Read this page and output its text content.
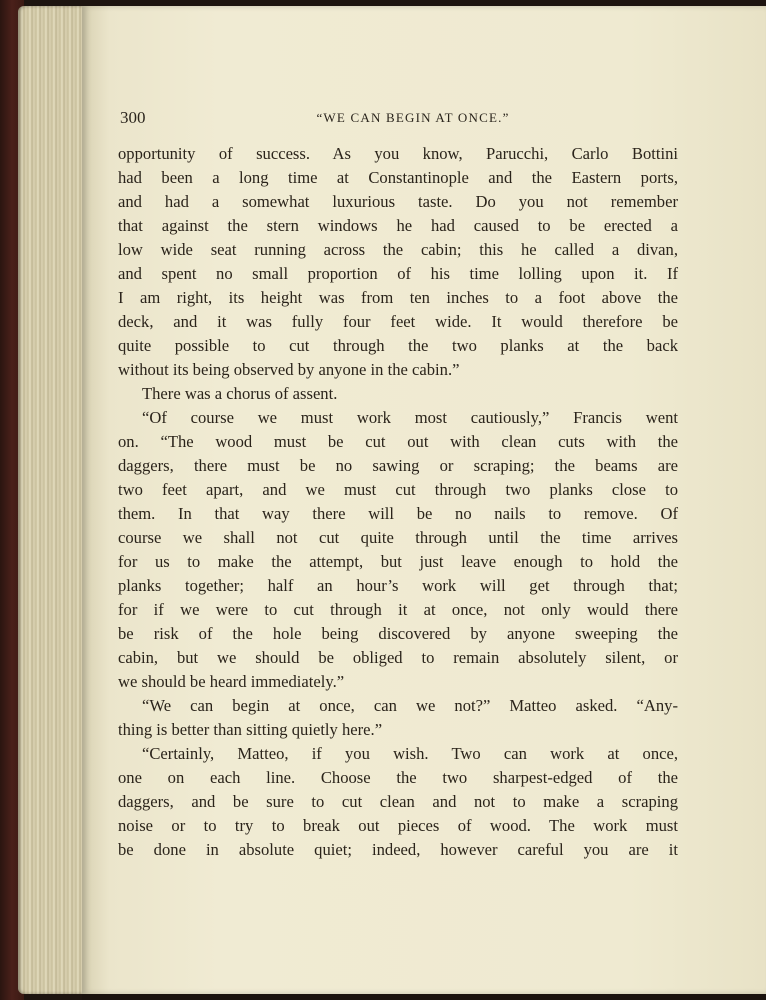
300	“WE CAN BEGIN AT ONCE.”

opportunity of success. As you know, Parucchi, Carlo Bottini

had been a long time at Constantinople and the Eastern ports,

and had a somewhat luxurious taste. Do you not remember

that against the stern windows he had caused to be erected a

low wide seat running across the cabin; this he called a divan,

and spent no small proportion of his time lolling upon it. If

I am right, its height was from ten inches to a foot above the

deck, and it was fully four feet wide. It would therefore be

quite possible to cut through the two planks at the back

without its being observed by anyone in the cabin.”

There was a chorus of assent.

“Of course we must work most cautiously,” Francis went

on. “The wood must be cut out with clean cuts with the

daggers, there must be no sawing or scraping; the beams are

two feet apart, and we must cut through two planks close to

them. In that way there will be no nails to remove. Of

course we shall not cut quite through until the time arrives

for us to make the attempt, but just leave enough to hold the

planks together; half an hour’s work will get through that;

for if we were to cut through it at once, not only would there

be risk of the hole being discovered by anyone sweeping the

cabin, but we should be obliged to remain absolutely silent, or

we should be heard immediately.”

“We can begin at once, can we not?” Matteo asked. “Any-

thing is better than sitting quietly here.”

“Certainly, Matteo, if you wish. Two can work at once,

one on each line. Choose the two sharpest-edged of the

daggers, and be sure to cut clean and not to make a scraping

noise or to try to break out pieces of wood. The work must

be done in absolute quiet; indeed, however careful you are it
